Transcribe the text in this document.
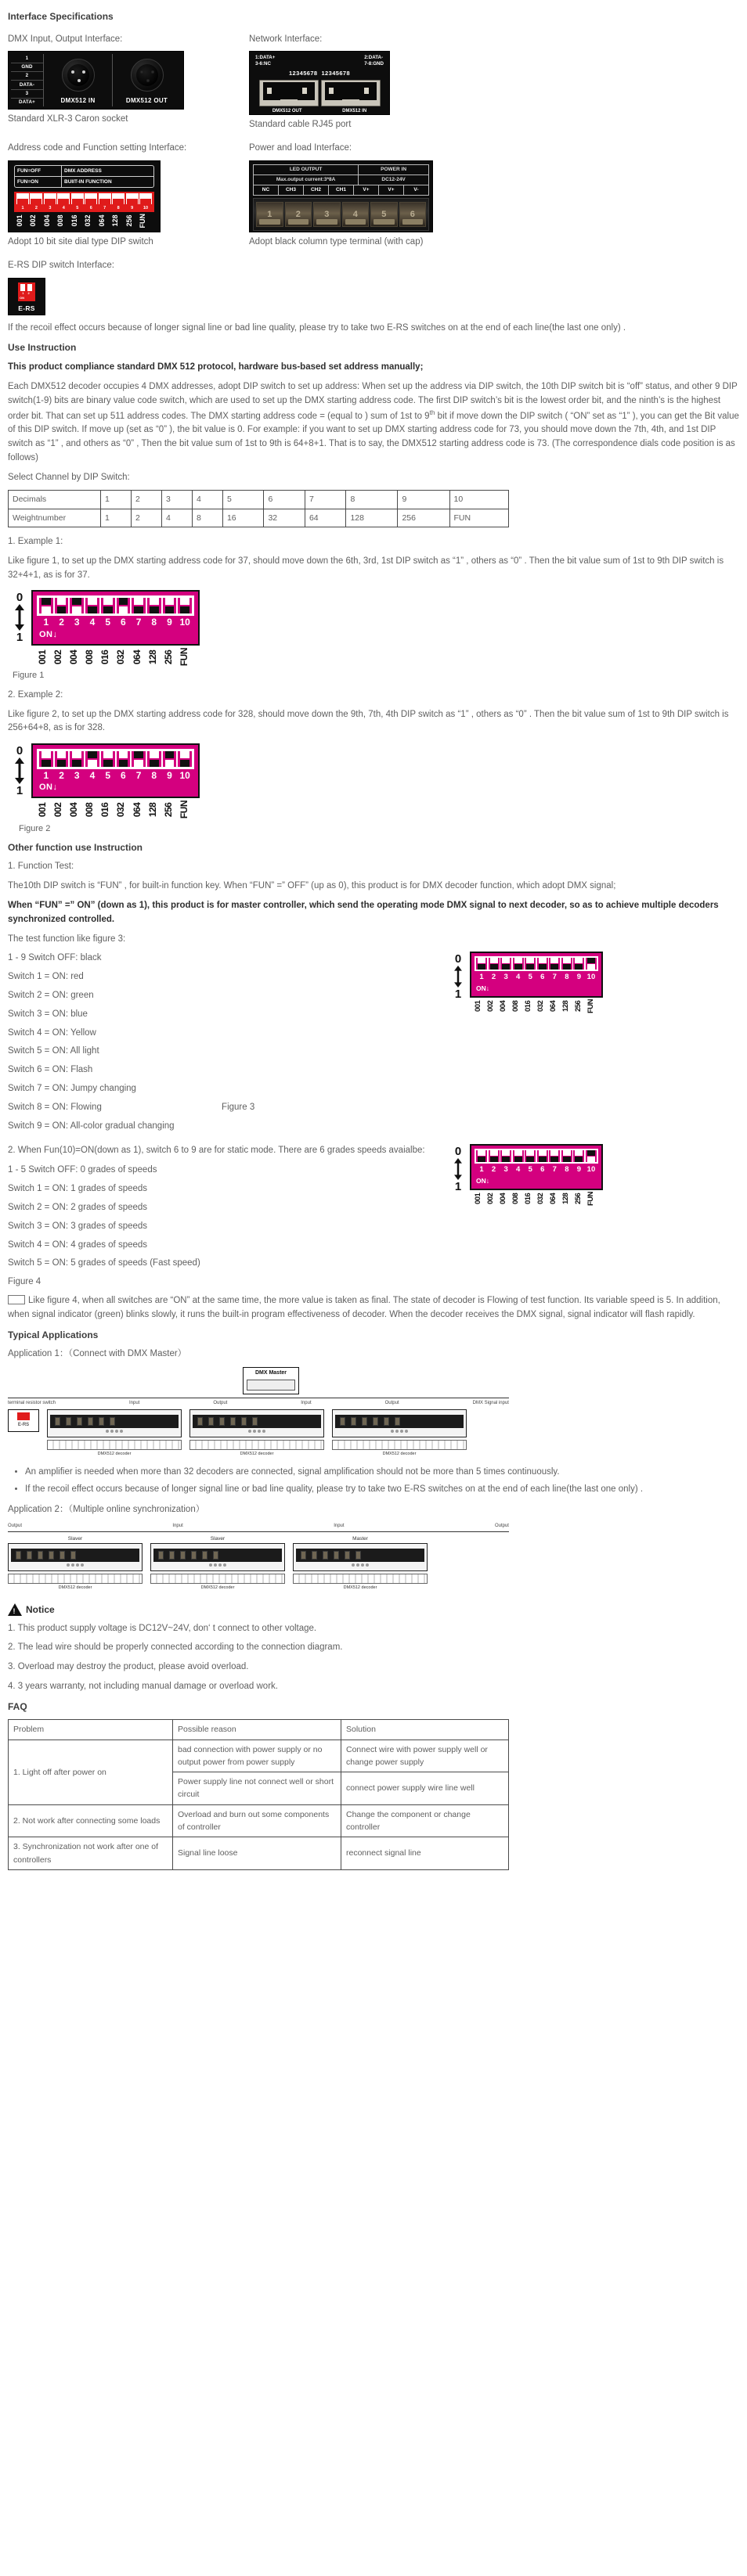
Interface Specifications
DMX Input, Output Interface:
1
GND
2
DATA-
3
DATA+	DMX512 IN	DMX512 OUT
Standard XLR-3 Caron socket
Network Interface:
1:DATA+
3-6:NC
2:DATA-
7-8:GND
12345678 12345678
DMX512 OUT	DMX512 IN
Standard cable RJ45 port
Address code and Function setting Interface:
FUN=OFF	DMX ADDRESS
FUN=ON	BUIIT-IN FUNCTION
1	2	3	4	5	6	7	8	9	10
001 002 004 008 016 032 064 128 256 FUN
Adopt 10 bit site dial type DIP switch
Power and load Interface:
LED OUTPUT	POWER IN
Max.output current:3*8A	DC12-24V
NC	CH3	CH2	CH1	V+	V+	V-
1	2	3	4	5	6
Adopt black column type terminal (with cap)
E-RS DIP switch Interface:
1 2
ON
E-RS

If the recoil effect occurs because of longer signal line or bad line quality, please try to take two E-RS switches on at the end of each line(the last one only) .

Use Instruction

This product compliance standard DMX 512 protocol, hardware bus-based set address manually;

Each DMX512 decoder occupies 4 DMX addresses, adopt DIP switch to set up address: When set up the address via DIP switch, the 10th DIP switch bit is “off” status, and other 9 DIP switch(1-9) bits are binary value code switch, which are used to set up the DMX starting address code. The first DIP switch’s bit is the lowest order bit, and the ninth’s is the highest order bit. That can set up 511 address codes. The DMX starting address code = (equal to ) sum of 1st to 9th bit if move down the DIP switch ( “ON” set as “1” ), you can get the Bit value of this DIP switch. If move up (set as “0” ), the bit value is 0. For example: if you want to set up DMX starting address code for 73, you should move down the 7th, 4th, and 1st DIP switch as “1” , and others as “0” , Then the bit value sum of 1st to 9th is 64+8+1. That is to say, the DMX512 starting address code is 73. (The correspondence dials code position is as follows)

Select Channel by DIP Switch:

Decimals	1	2	3	4	5	6	7	8	9	10
Weightnumber	1	2	4	8	16	32	64	128	256	FUN

1. Example 1:

Like figure 1, to set up the DMX starting address code for 37, should move down the 6th, 3rd, 1st DIP switch as “1” , others as “0” . Then the bit value sum of 1st to 9th DIP switch is 32+4+1, as is for 37.

0
1
1	2	3	4	5	6	7	8	9 10
ON↓
001 002 004 008 016 032 064 128 256 FUN
Figure 1

2. Example 2:

Like figure 2, to set up the DMX starting address code for 328, should move down the 9th, 7th, 4th DIP switch as “1” , others as “0” . Then the bit value sum of 1st to 9th DIP switch is 256+64+8, as is for 328.

0
1
1	2	3	4	5	6	7	8	9 10
ON↓
001 002 004 008 016 032 064 128 256 FUN
Figure 2
Other function use Instruction

1. Function Test:

The10th DIP switch is “FUN” , for built-in function key. When “FUN” =” OFF” (up as 0), this product is for DMX decoder function, which adopt DMX signal;

When “FUN” =” ON” (down as 1), this product is for master controller, which send the operating mode DMX signal to next decoder, so as to achieve multiple decoders synchronized controlled.

The test function like figure 3:

0
1
1	2	3	4	5	6	7	8	9 10
ON↓
001 002 004 008 016 032 064 128 256 FUN

1 - 9 Switch OFF: black

Switch 1 = ON: red

Switch 2 = ON: green

Switch 3 = ON: blue

Switch 4 = ON: Yellow

Switch 5 = ON: All light

Switch 6 = ON: Flash

Switch 7 = ON: Jumpy changing

Switch 8 = ON: Flowing	Figure 3

Switch 9 = ON: All-color gradual changing

0
1
1	2	3	4	5	6	7	8	9 10
ON↓
001 002 004 008 016 032 064 128 256 FUN

2. When Fun(10)=ON(down as 1), switch 6 to 9 are for static mode. There are 6 grades speeds avaialbe:

1 - 5 Switch OFF: 0 grades of speeds

Switch 1 = ON: 1 grades of speeds

Switch 2 = ON: 2 grades of speeds

Switch 3 = ON: 3 grades of speeds

Switch 4 = ON: 4 grades of speeds

Switch 5 = ON: 5 grades of speeds (Fast speed)

Figure 4

Like figure 4, when all switches are “ON” at the same time, the more value is taken as final. The state of decoder is Flowing of test function. Its variable speed is 5. In addition, when signal indicator (green) blinks slowly, it runs the built-in program effectiveness of decoder. When the decoder receives the DMX signal, signal indicator will flash rapidly.

Typical Applications

Application 1：（Connect with DMX Master）

DMX Master
terminal resistor switch	Input	Output	Input	Output	DMX Signal input
E-RS
DMX512 decoder	DMX512 decoder	DMX512 decoder
• An amplifier is needed when more than 32 decoders are connected, signal amplification should not be more than 5 times continuously.
• If the recoil effect occurs because of longer signal line or bad line quality, please try to take two E-RS switches on at the end of each line(the last one only) .

Application 2：（Multiple online synchronization）

Output	Input	Input	Output
Slaver
DMX512 decoder
Slaver
DMX512 decoder
Master
DMX512 decoder
!
Notice

1. This product supply voltage is DC12V~24V, don‘ t connect to other voltage.

2. The lead wire should be properly connected according to the connection diagram.

3. Overload may destroy the product, please avoid overload.

4. 3 years warranty, not including manual damage or overload work.

FAQ
Problem	Possible reason	Solution
1. Light off after power on	bad connection with power supply or no output power from power supply	Connect wire with power supply well or change power supply
	Power supply line not connect well or short circuit	connect power supply wire line well
2. Not work after connecting some loads	Overload and burn out some components of controller	Change the component or change controller
3. Synchronization not work after one of controllers	Signal line loose	reconnect signal line
